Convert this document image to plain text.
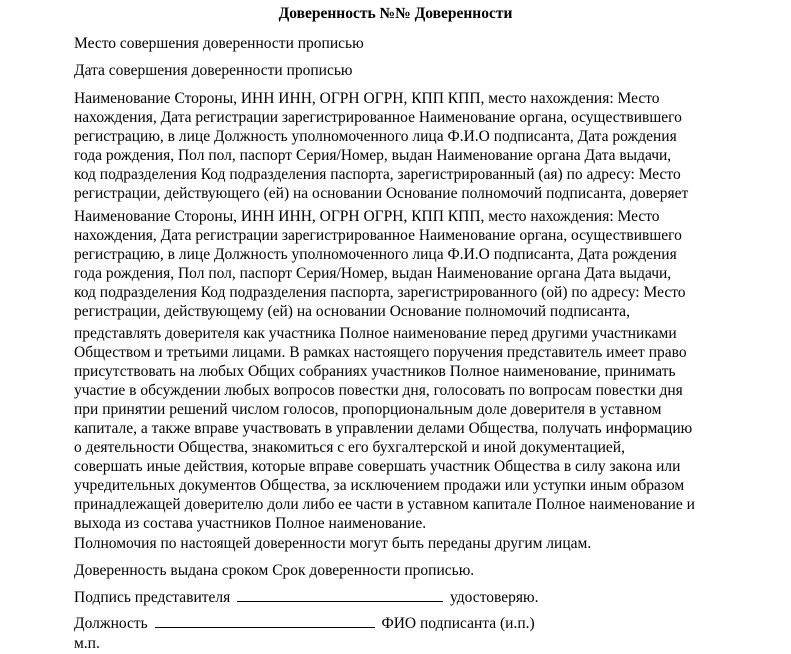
Доверенность №№ Доверенности
Место совершения доверенности прописью
Дата совершения доверенности прописью
Наименование Стороны, ИНН ИНН, ОГРН ОГРН, КПП КПП, место нахождения: Место
нахождения, Дата регистрации зарегистрированное Наименование органа, осуществившего
регистрацию, в лице Должность уполномоченного лица Ф.И.О подписанта, Дата рождения
года рождения, Пол пол, паспорт Серия/Номер, выдан Наименование органа Дата выдачи,
код подразделения Код подразделения паспорта, зарегистрированный (ая) по адресу: Место
регистрации, действующего (ей) на основании Основание полномочий подписанта, доверяет
Наименование Стороны, ИНН ИНН, ОГРН ОГРН, КПП КПП, место нахождения: Место
нахождения, Дата регистрации зарегистрированное Наименование органа, осуществившего
регистрацию, в лице Должность уполномоченного лица Ф.И.О подписанта, Дата рождения
года рождения, Пол пол, паспорт Серия/Номер, выдан Наименование органа Дата выдачи,
код подразделения Код подразделения паспорта, зарегистрированного (ой) по адресу: Место
регистрации, действующему (ей) на основании Основание полномочий подписанта,
представлять доверителя как участника Полное наименование перед другими участниками
Обществом и третьими лицами. В рамках настоящего поручения представитель имеет право
присутствовать на любых Общих собраниях участников Полное наименование, принимать
участие в обсуждении любых вопросов повестки дня, голосовать по вопросам повестки дня
при принятии решений числом голосов, пропорциональным доле доверителя в уставном
капитале, а также вправе участвовать в управлении делами Общества, получать информацию
о деятельности Общества, знакомиться с его бухгалтерской и иной документацией,
совершать иные действия, которые вправе совершать участник Общества в силу закона или
учредительных документов Общества, за исключением продажи или уступки иным образом
принадлежащей доверителю доли либо ее части в уставном капитале Полное наименование и
выхода из состава участников Полное наименование.
Полномочия по настоящей доверенности могут быть переданы другим лицам.
Доверенность выдана сроком Срок доверенности прописью.
Подпись представителя	удостоверяю.
Должность	ФИО подписанта (и.п.)
м.п.
